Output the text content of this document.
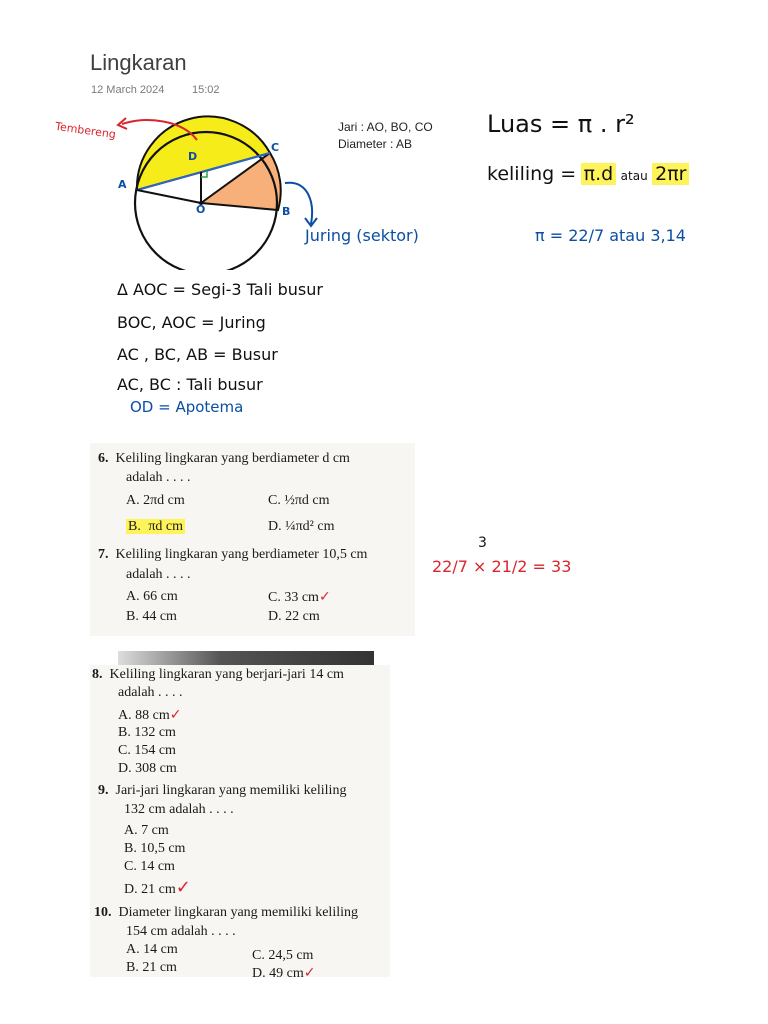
Lingkaran
12 March 2024	15:02
Tembereng
D
C
A
O	B
Juring (sektor)
Jari : AO, BO, CO
Diameter : AB
Luas = π . r²
keliling = π.d atau 2πr
π = 22/7 atau 3,14
Δ AOC = Segi-3 Tali busur
BOC, AOC = Juring
AC , BC, AB = Busur
AC, BC : Tali busur
OD = Apotema
6. Keliling lingkaran yang berdiameter d cm
adalah . . . .
A. 2πd cm	C. ½πd cm
B. πd cm	D. ¼πd² cm
7. Keliling lingkaran yang berdiameter 10,5 cm
adalah . . . .
A. 66 cm	C. 33 cm✓
B. 44 cm	D. 22 cm
3
22/7 × 21/2 = 33
8. Keliling lingkaran yang berjari-jari 14 cm
adalah . . . .
A. 88 cm✓
B. 132 cm
C. 154 cm
D. 308 cm
9. Jari-jari lingkaran yang memiliki keliling
132 cm adalah . . . .
A. 7 cm
B. 10,5 cm
C. 14 cm
D. 21 cm✓
10. Diameter lingkaran yang memiliki keliling
154 cm adalah . . . .
A. 14 cm	C. 24,5 cm
B. 21 cm	D. 49 cm✓
